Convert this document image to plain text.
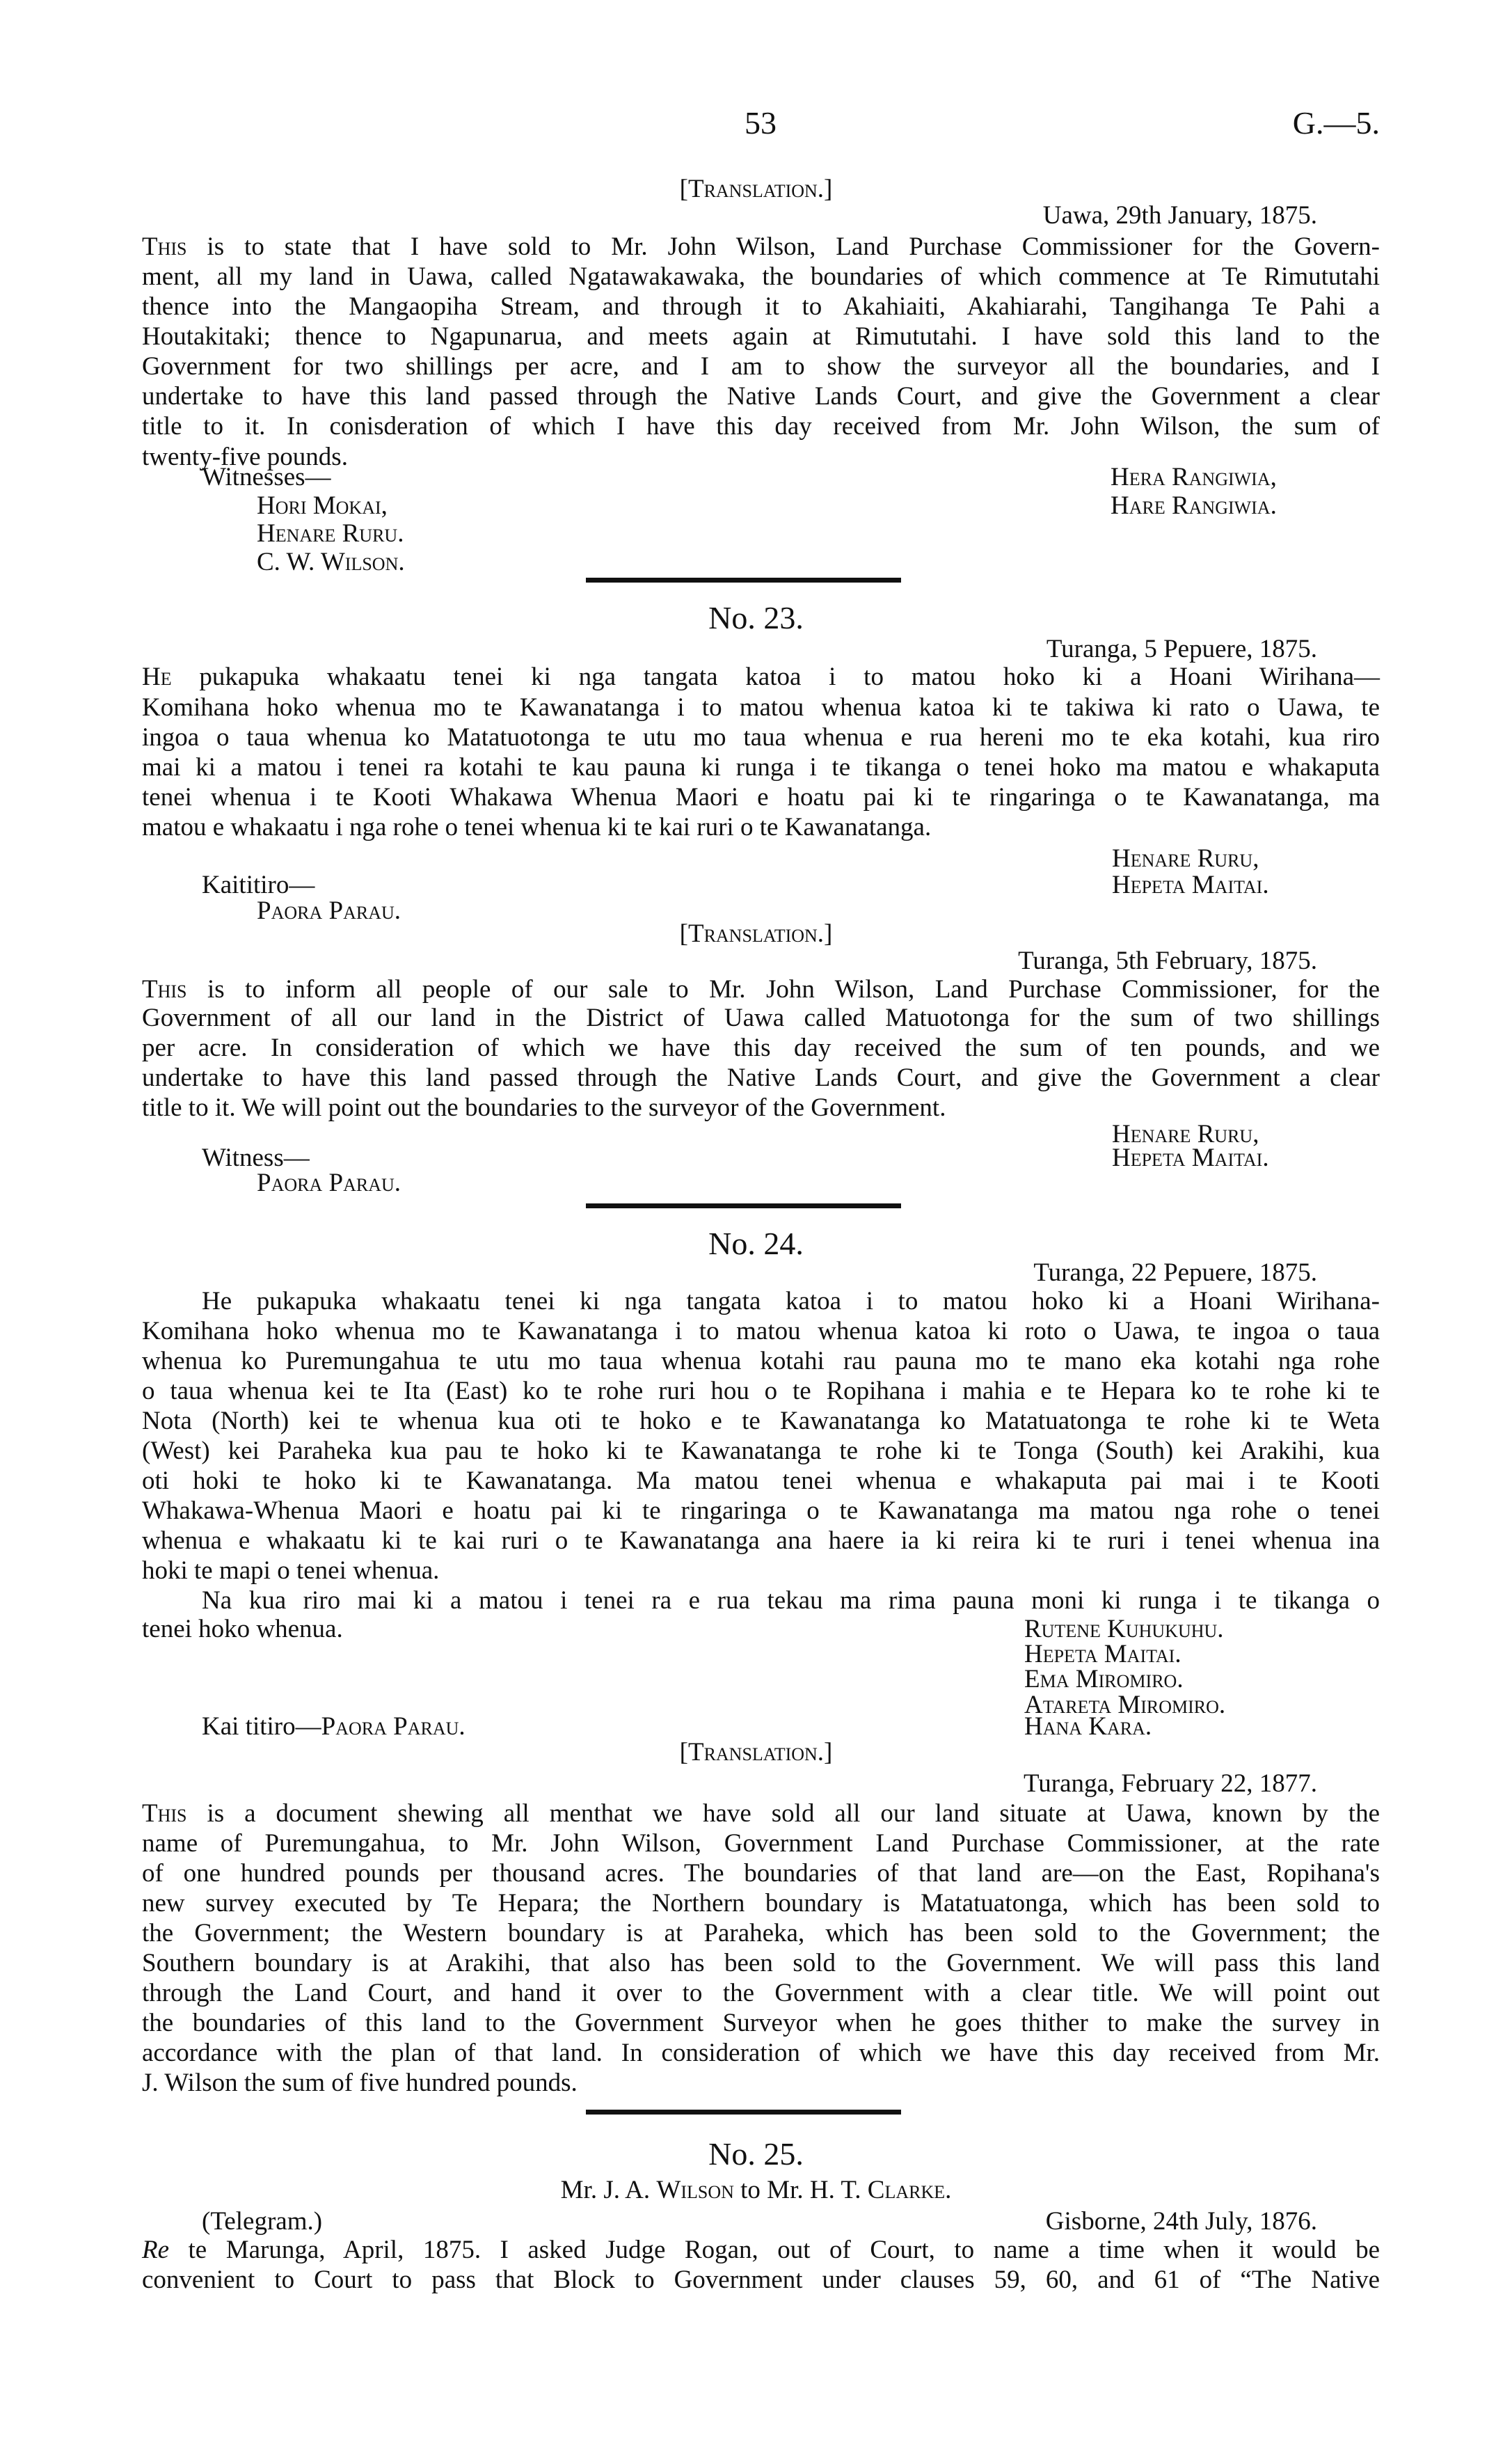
53	G.—5.
[Translation.]
Uawa, 29th January, 1875.
This is to state that I have sold to Mr. John Wilson, Land Purchase Commissioner for the Govern-
ment, all my land in Uawa, called Ngatawakawaka, the boundaries of which commence at Te Rimututahi
thence into the Mangaopiha Stream, and through it to Akahiaiti, Akahiarahi, Tangihanga Te Pahi a
Houtakitaki; thence to Ngapunarua, and meets again at Rimututahi. I have sold this land to the
Government for two shillings per acre, and I am to show the surveyor all the boundaries, and I
undertake to have this land passed through the Native Lands Court, and give the Government a clear
title to it. In conisderation of which I have this day received from Mr. John Wilson, the sum of
twenty-five pounds.
Witnesses—
Hori Mokai,
Henare Ruru.
C. W. Wilson.
Hera Rangiwia,
Hare Rangiwia.
No. 23.
Turanga, 5 Pepuere, 1875.
He pukapuka whakaatu tenei ki nga tangata katoa i to matou hoko ki a Hoani Wirihana—
Komihana hoko whenua mo te Kawanatanga i to matou whenua katoa ki te takiwa ki rato o Uawa, te
ingoa o taua whenua ko Matatuotonga te utu mo taua whenua e rua hereni mo te eka kotahi, kua riro
mai ki a matou i tenei ra kotahi te kau pauna ki runga i te tikanga o tenei hoko ma matou e whakaputa
tenei whenua i te Kooti Whakawa Whenua Maori e hoatu pai ki te ringaringa o te Kawanatanga, ma
matou e whakaatu i nga rohe o tenei whenua ki te kai ruri o te Kawanatanga.
Henare Ruru,
Hepeta Maitai.
Kaititiro—
Paora Parau.
[Translation.]
Turanga, 5th February, 1875.
This is to inform all people of our sale to Mr. John Wilson, Land Purchase Commissioner, for the
Government of all our land in the District of Uawa called Matuotonga for the sum of two shillings
per acre. In consideration of which we have this day received the sum of ten pounds, and we
undertake to have this land passed through the Native Lands Court, and give the Government a clear
title to it. We will point out the boundaries to the surveyor of the Government.
Henare Ruru,
Hepeta Maitai.
Witness—
Paora Parau.
No. 24.
Turanga, 22 Pepuere, 1875.
He pukapuka whakaatu tenei ki nga tangata katoa i to matou hoko ki a Hoani Wirihana-
Komihana hoko whenua mo te Kawanatanga i to matou whenua katoa ki roto o Uawa, te ingoa o taua
whenua ko Puremungahua te utu mo taua whenua kotahi rau pauna mo te mano eka kotahi nga rohe
o taua whenua kei te Ita (East) ko te rohe ruri hou o te Ropihana i mahia e te Hepara ko te rohe ki te
Nota (North) kei te whenua kua oti te hoko e te Kawanatanga ko Matatuatonga te rohe ki te Weta
(West) kei Paraheka kua pau te hoko ki te Kawanatanga te rohe ki te Tonga (South) kei Arakihi, kua
oti hoki te hoko ki te Kawanatanga. Ma matou tenei whenua e whakaputa pai mai i te Kooti
Whakawa-Whenua Maori e hoatu pai ki te ringaringa o te Kawanatanga ma matou nga rohe o tenei
whenua e whakaatu ki te kai ruri o te Kawanatanga ana haere ia ki reira ki te ruri i tenei whenua ina
hoki te mapi o tenei whenua.
Na kua riro mai ki a matou i tenei ra e rua tekau ma rima pauna moni ki runga i te tikanga o
tenei hoko whenua.	Rutene Kuhukuhu.
Hepeta Maitai.
Ema Miromiro.
Atareta Miromiro.
Hana Kara.
Kai titiro—Paora Parau.
[Translation.]
Turanga, February 22, 1877.
This is a document shewing all menthat we have sold all our land situate at Uawa, known by the
name of Puremungahua, to Mr. John Wilson, Government Land Purchase Commissioner, at the rate
of one hundred pounds per thousand acres. The boundaries of that land are—on the East, Ropihana's
new survey executed by Te Hepara; the Northern boundary is Matatuatonga, which has been sold to
the Government; the Western boundary is at Paraheka, which has been sold to the Government; the
Southern boundary is at Arakihi, that also has been sold to the Government. We will pass this land
through the Land Court, and hand it over to the Government with a clear title. We will point out
the boundaries of this land to the Government Surveyor when he goes thither to make the survey in
accordance with the plan of that land. In consideration of which we have this day received from Mr.
J. Wilson the sum of five hundred pounds.
No. 25.
Mr. J. A. Wilson to Mr. H. T. Clarke.
(Telegram.)	Gisborne, 24th July, 1876.
Re te Marunga, April, 1875. I asked Judge Rogan, out of Court, to name a time when it would be
convenient to Court to pass that Block to Government under clauses 59, 60, and 61 of “The Native
